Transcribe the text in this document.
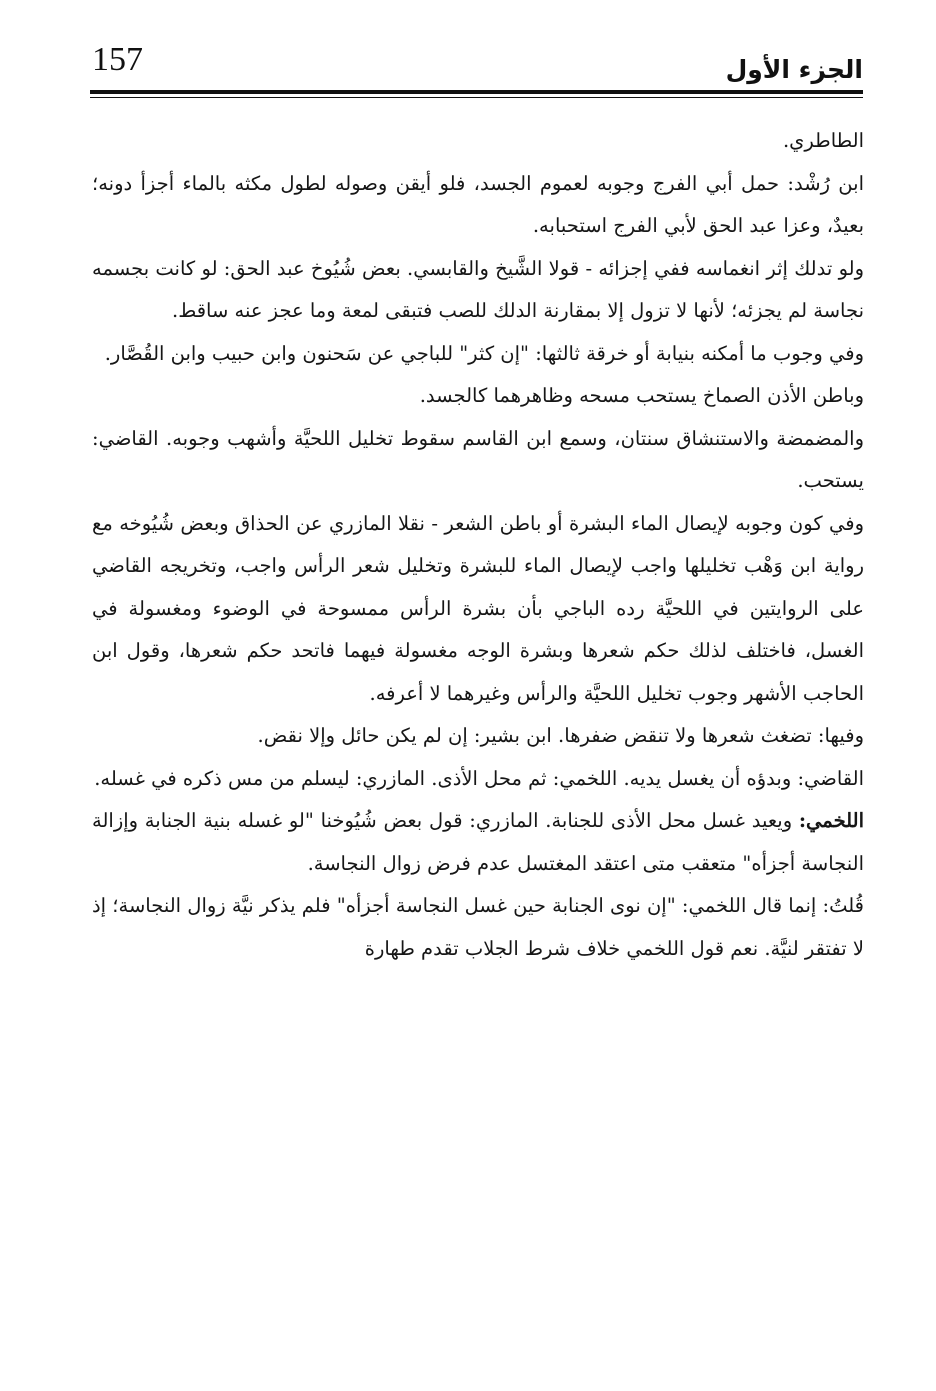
157	الجزء الأول

الطاطري.

ابن رُشْد: حمل أبي الفرج وجوبه لعموم الجسد، فلو أيقن وصوله لطول مكثه بالماء أجزأ دونه؛ بعيدٌ، وعزا عبد الحق لأبي الفرج استحبابه.

ولو تدلك إثر انغماسه ففي إجزائه - قولا الشَّيخ والقابسي. بعض شُيُوخ عبد الحق: لو كانت بجسمه نجاسة لم يجزئه؛ لأنها لا تزول إلا بمقارنة الدلك للصب فتبقى لمعة وما عجز عنه ساقط.

وفي وجوب ما أمكنه بنيابة أو خرقة ثالثها: "إن كثر" للباجي عن سَحنون وابن حبيب وابن القُصَّار.

وباطن الأذن الصماخ يستحب مسحه وظاهرهما كالجسد.

والمضمضة والاستنشاق سنتان، وسمع ابن القاسم سقوط تخليل اللحيَّة وأشهب وجوبه. القاضي: يستحب.

وفي كون وجوبه لإيصال الماء البشرة أو باطن الشعر - نقلا المازري عن الحذاق وبعض شُيُوخه مع رواية ابن وَهْب تخليلها واجب لإيصال الماء للبشرة وتخليل شعر الرأس واجب، وتخريجه القاضي على الروايتين في اللحيَّة رده الباجي بأن بشرة الرأس ممسوحة في الوضوء ومغسولة في الغسل، فاختلف لذلك حكم شعرها وبشرة الوجه مغسولة فيهما فاتحد حكم شعرها، وقول ابن الحاجب الأشهر وجوب تخليل اللحيَّة والرأس وغيرهما لا أعرفه.

وفيها: تضغث شعرها ولا تنقض ضفرها. ابن بشير: إن لم يكن حائل وإلا نقض.

القاضي: وبدؤه أن يغسل يديه. اللخمي: ثم محل الأذى. المازري: ليسلم من مس ذكره في غسله.

اللخمي: ويعيد غسل محل الأذى للجنابة. المازري: قول بعض شُيُوخنا "لو غسله بنية الجنابة وإزالة النجاسة أجزأه" متعقب متى اعتقد المغتسل عدم فرض زوال النجاسة.

قُلتُ: إنما قال اللخمي: "إن نوى الجنابة حين غسل النجاسة أجزأه" فلم يذكر نيَّة زوال النجاسة؛ إذ لا تفتقر لنيَّة. نعم قول اللخمي خلاف شرط الجلاب تقدم طهارة
